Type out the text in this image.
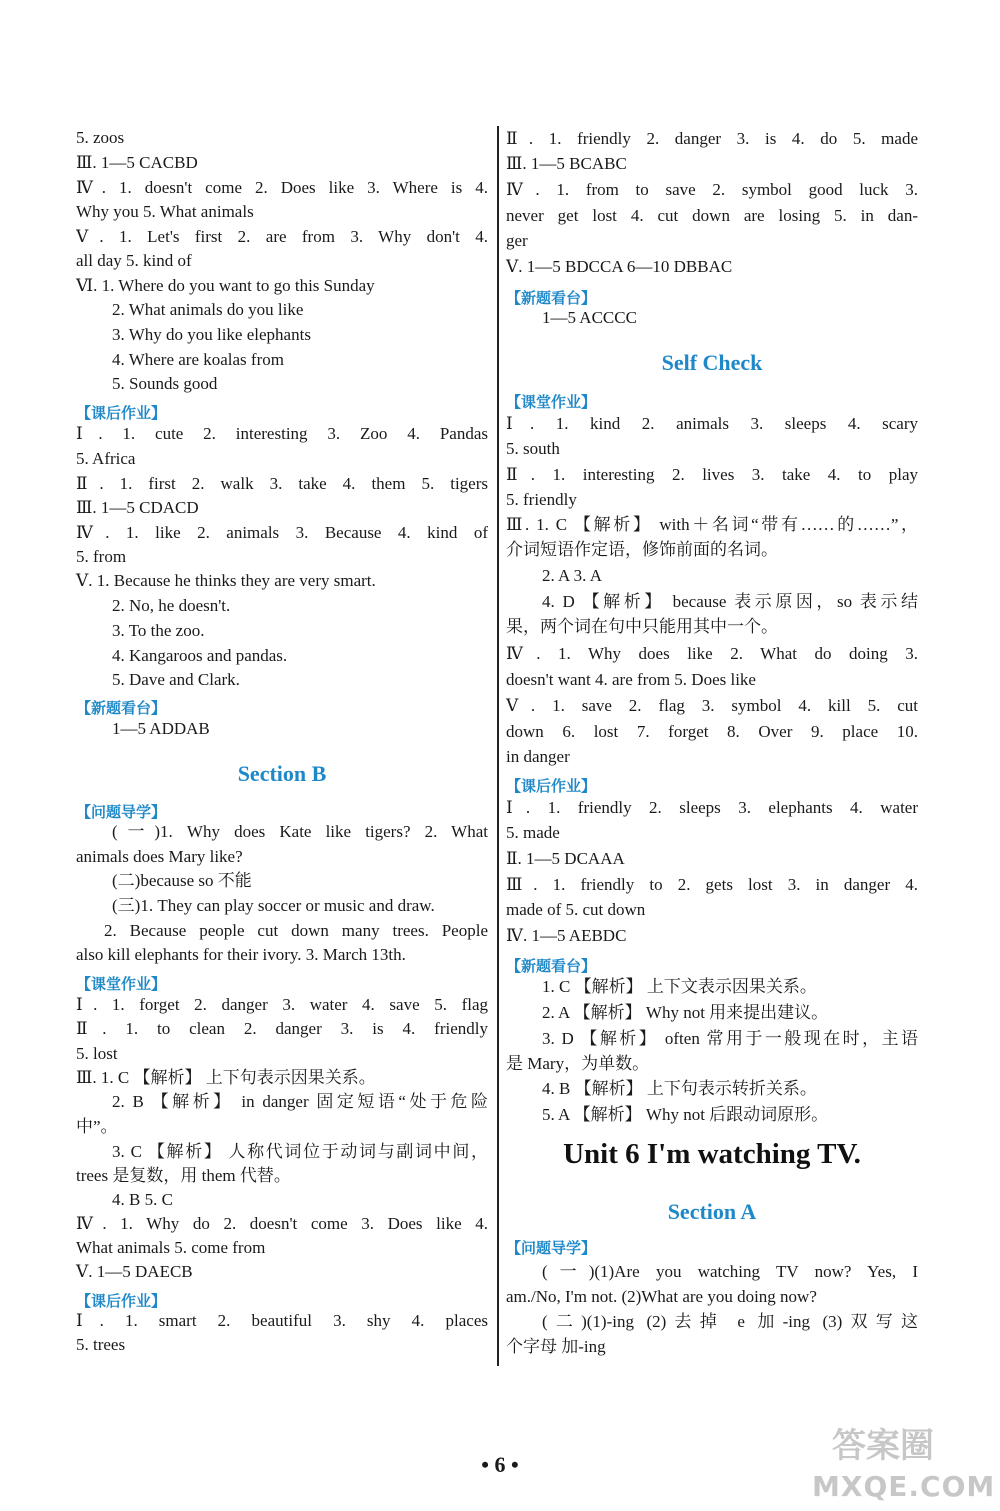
5. zoos
Ⅲ. 1—5 CACBD
Ⅳ. 1. doesn't come 2. Does like 3. Where is 4.
Why you 5. What animals
Ⅴ. 1. Let's first 2. are from 3. Why don't 4.
all day 5. kind of
Ⅵ. 1. Where do you want to go this Sunday
2. What animals do you like
3. Why do you like elephants
4. Where are koalas from
5. Sounds good
【课后作业】
Ⅰ. 1. cute 2. interesting 3. Zoo 4. Pandas
5. Africa
Ⅱ. 1. first 2. walk 3. take 4. them 5. tigers
Ⅲ. 1—5 CDACD
Ⅳ. 1. like 2. animals 3. Because 4. kind of
5. from
Ⅴ. 1. Because he thinks they are very smart.
2. No, he doesn't.
3. To the zoo.
4. Kangaroos and pandas.
5. Dave and Clark.
【新题看台】
1—5 ADDAB
Section B
【问题导学】
(一)1. Why does Kate like tigers? 2. What
animals does Mary like?
(二)because so 不能
(三)1. They can play soccer or music and draw.
2. Because people cut down many trees. People
also kill elephants for their ivory. 3. March 13th.
【课堂作业】
Ⅰ. 1. forget 2. danger 3. water 4. save 5. flag
Ⅱ. 1. to clean 2. danger 3. is 4. friendly
5. lost
Ⅲ. 1. C 【解析】 上下句表示因果关系。
2. B 【解析】 in danger 固定短语“处于危险
中”。
3. C 【解析】 人称代词位于动词与副词中间，
trees 是复数，用 them 代替。
4. B 5. C
Ⅳ. 1. Why do 2. doesn't come 3. Does like 4.
What animals 5. come from
Ⅴ. 1—5 DAECB
【课后作业】
Ⅰ. 1. smart 2. beautiful 3. shy 4. places
5. trees
Ⅱ. 1. friendly 2. danger 3. is 4. do 5. made
Ⅲ. 1—5 BCABC
Ⅳ. 1. from to save 2. symbol good luck 3.
never get lost 4. cut down are losing 5. in dan-
ger
Ⅴ. 1—5 BDCCA 6—10 DBBAC
【新题看台】
1—5 ACCCC
Self Check
【课堂作业】
Ⅰ. 1. kind 2. animals 3. sleeps 4. scary
5. south
Ⅱ. 1. interesting 2. lives 3. take 4. to play
5. friendly
Ⅲ. 1. C 【解析】 with＋名词“带有……的……”，
介词短语作定语，修饰前面的名词。
2. A 3. A
4. D 【解析】 because 表示原因，so 表示结
果，两个词在句中只能用其中一个。
Ⅳ. 1. Why does like 2. What do doing 3.
doesn't want 4. are from 5. Does like
Ⅴ. 1. save 2. flag 3. symbol 4. kill 5. cut
down 6. lost 7. forget 8. Over 9. place 10.
in danger
【课后作业】
Ⅰ. 1. friendly 2. sleeps 3. elephants 4. water
5. made
Ⅱ. 1—5 DCAAA
Ⅲ. 1. friendly to 2. gets lost 3. in danger 4.
made of 5. cut down
Ⅳ. 1—5 AEBDC
【新题看台】
1. C 【解析】 上下文表示因果关系。
2. A 【解析】 Why not 用来提出建议。
3. D 【解析】 often 常用于一般现在时，主语
是 Mary，为单数。
4. B 【解析】 上下句表示转折关系。
5. A 【解析】 Why not 后跟动词原形。
Unit 6 I'm watching TV.
Section A
【问题导学】
(一)(1)Are you watching TV now? Yes, I
am./No, I'm not. (2)What are you doing now?
(二)(1)-ing (2)去掉 e 加-ing (3)双写这
个字母 加-ing
• 6 •	答案圈
MXQE.COM
